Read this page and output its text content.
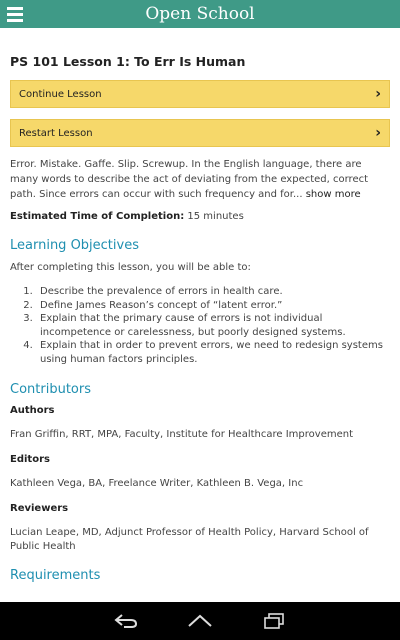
Open School
PS 101 Lesson 1: To Err Is Human
Continue Lesson	›
Restart Lesson	›
Error. Mistake. Gaffe. Slip. Screwup. In the English language, there are many words to describe the act of deviating from the expected, correct path. Since errors can occur with such frequency and for... show more
Estimated Time of Completion: 15 minutes
Learning Objectives
After completing this lesson, you will be able to:
1. Describe the prevalence of errors in health care.
2. Define James Reason’s concept of “latent error.”
3. Explain that the primary cause of errors is not individual incompetence or carelessness, but poorly designed systems.
4. Explain that in order to prevent errors, we need to redesign systems using human factors principles.
Contributors
Authors
Fran Griffin, RRT, MPA, Faculty, Institute for Healthcare Improvement
Editors
Kathleen Vega, BA, Freelance Writer, Kathleen B. Vega, Inc
Reviewers
Lucian Leape, MD, Adjunct Professor of Health Policy, Harvard School of Public Health
Requirements
